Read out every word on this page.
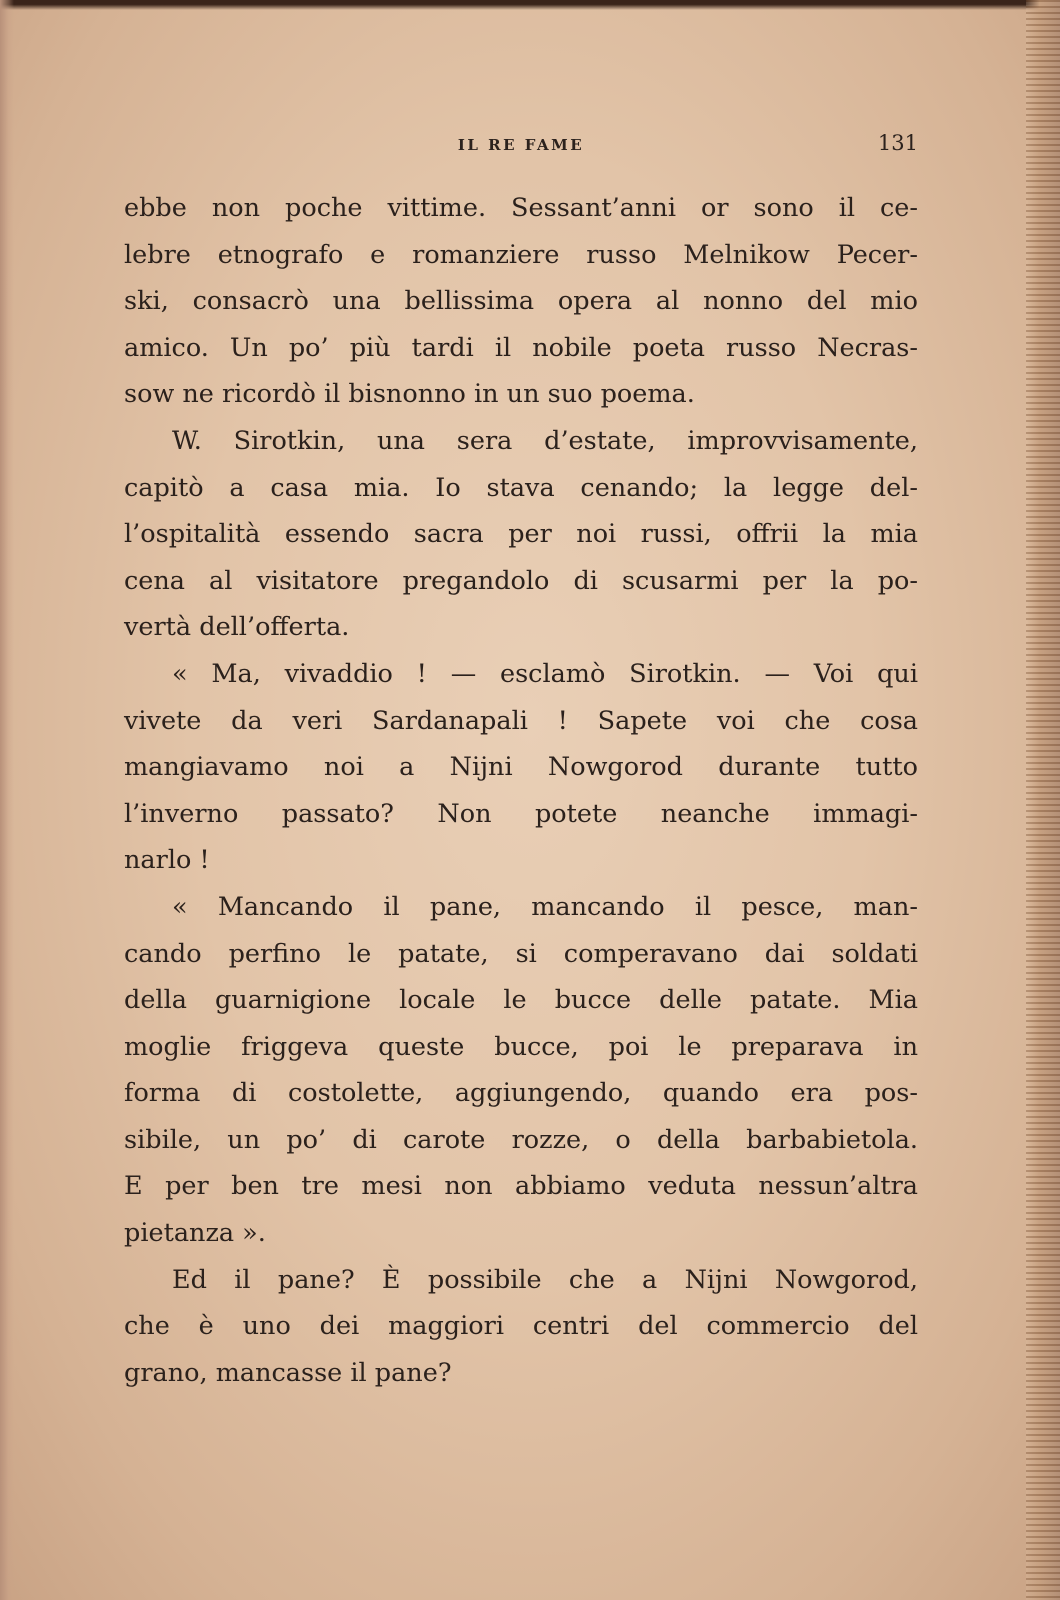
IL RE FAME	131
ebbe non poche vittime. Sessant’anni or sono il ce-
lebre etnografo e romanziere russo Melnikow Pecer-
ski, consacrò una bellissima opera al nonno del mio
amico. Un po’ più tardi il nobile poeta russo Necras-
sow ne ricordò il bisnonno in un suo poema.
W. Sirotkin, una sera d’estate, improvvisamente,
capitò a casa mia. Io stava cenando; la legge del-
l’ospitalità essendo sacra per noi russi, offrii la mia
cena al visitatore pregandolo di scusarmi per la po-
vertà dell’offerta.
« Ma, vivaddio ! — esclamò Sirotkin. — Voi qui
vivete da veri Sardanapali ! Sapete voi che cosa
mangiavamo noi a Nijni Nowgorod durante tutto
l’inverno passato? Non potete neanche immagi-
narlo !
« Mancando il pane, mancando il pesce, man-
cando perfino le patate, si comperavano dai soldati
della guarnigione locale le bucce delle patate. Mia
moglie friggeva queste bucce, poi le preparava in
forma di costolette, aggiungendo, quando era pos-
sibile, un po’ di carote rozze, o della barbabietola.
E per ben tre mesi non abbiamo veduta nessun’altra
pietanza ».
Ed il pane? È possibile che a Nijni Nowgorod,
che è uno dei maggiori centri del commercio del
grano, mancasse il pane?
